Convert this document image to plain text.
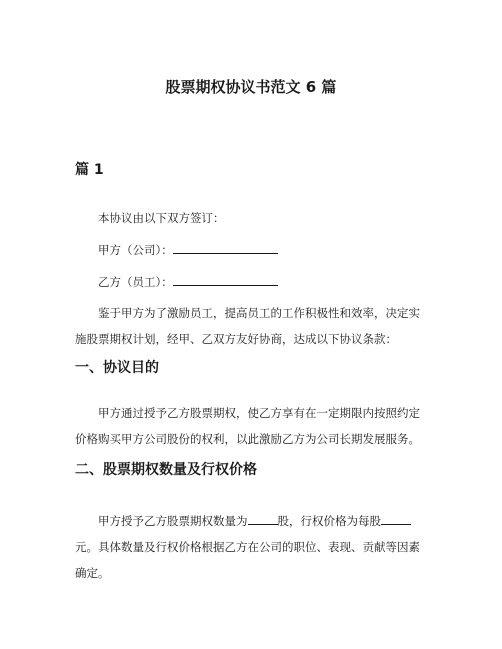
股票期权协议书范文 6 篇
篇 1

本协议由以下双方签订：

甲方（公司）：

乙方（员工）：

鉴于甲方为了激励员工，提高员工的工作积极性和效率，决定实施股票期权计划，经甲、乙双方友好协商，达成以下协议条款：

一、协议目的

甲方通过授予乙方股票期权，使乙方享有在一定期限内按照约定价格购买甲方公司股份的权利，以此激励乙方为公司长期发展服务。

二、股票期权数量及行权价格

甲方授予乙方股票期权数量为	股，行权价格为每股元。具体数量及行权价格根据乙方在公司的职位、表现、贡献等因素确定。
